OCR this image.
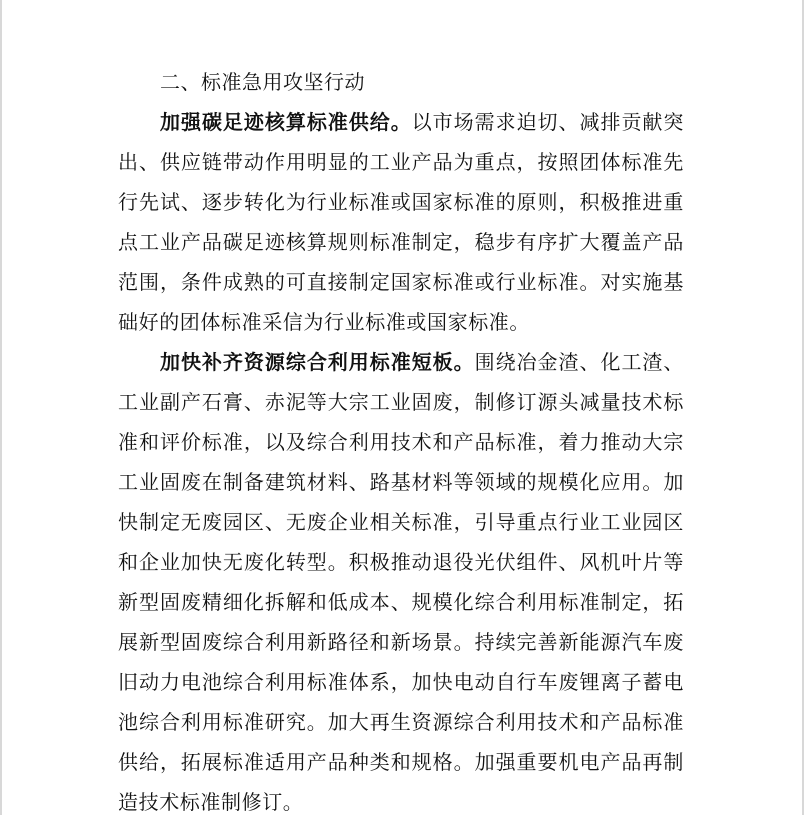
二、标准急用攻坚行动

加强碳足迹核算标准供给。以市场需求迫切、减排贡献突出、供应链带动作用明显的工业产品为重点，按照团体标准先行先试、逐步转化为行业标准或国家标准的原则，积极推进重点工业产品碳足迹核算规则标准制定，稳步有序扩大覆盖产品范围，条件成熟的可直接制定国家标准或行业标准。对实施基础好的团体标准采信为行业标准或国家标准。

加快补齐资源综合利用标准短板。围绕冶金渣、化工渣、工业副产石膏、赤泥等大宗工业固废，制修订源头减量技术标准和评价标准，以及综合利用技术和产品标准，着力推动大宗工业固废在制备建筑材料、路基材料等领域的规模化应用。加快制定无废园区、无废企业相关标准，引导重点行业工业园区和企业加快无废化转型。积极推动退役光伏组件、风机叶片等新型固废精细化拆解和低成本、规模化综合利用标准制定，拓展新型固废综合利用新路径和新场景。持续完善新能源汽车废旧动力电池综合利用标准体系，加快电动自行车废锂离子蓄电池综合利用标准研究。加大再生资源综合利用技术和产品标准供给，拓展标准适用产品种类和规格。加强重要机电产品再制造技术标准制修订。
